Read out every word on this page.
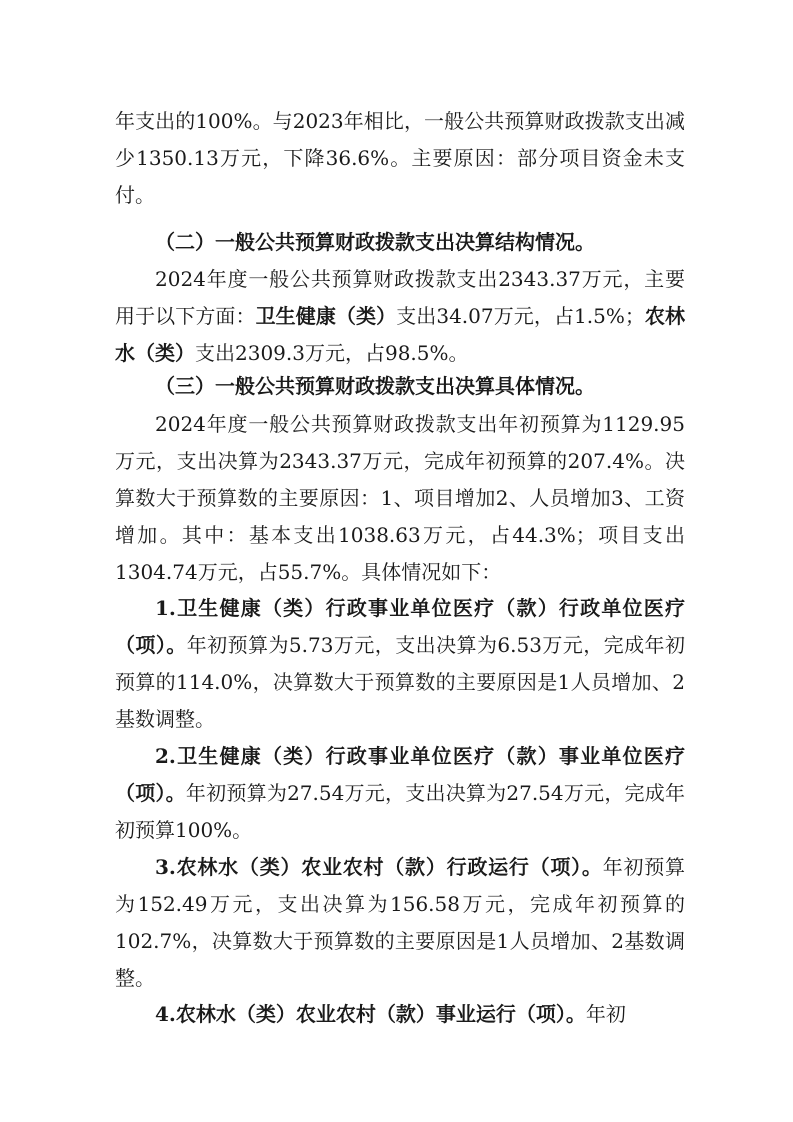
年支出的100%。与2023年相比，一般公共预算财政拨款支出减少1350.13万元，下降36.6%。主要原因：部分项目资金未支付。

（二）一般公共预算财政拨款支出决算结构情况。

2024年度一般公共预算财政拨款支出2343.37万元，主要用于以下方面：卫生健康（类）支出34.07万元，占1.5%；农林水（类）支出2309.3万元，占98.5%。

（三）一般公共预算财政拨款支出决算具体情况。

2024年度一般公共预算财政拨款支出年初预算为1129.95万元，支出决算为2343.37万元，完成年初预算的207.4%。决算数大于预算数的主要原因：1、项目增加2、人员增加3、工资增加。其中：基本支出1038.63万元，占44.3%；项目支出1304.74万元，占55.7%。具体情况如下：

1.卫生健康（类）行政事业单位医疗（款）行政单位医疗（项）。年初预算为5.73万元，支出决算为6.53万元，完成年初预算的114.0%，决算数大于预算数的主要原因是1人员增加、2基数调整。

2.卫生健康（类）行政事业单位医疗（款）事业单位医疗（项）。年初预算为27.54万元，支出决算为27.54万元，完成年初预算100%。

3.农林水（类）农业农村（款）行政运行（项）。年初预算为152.49万元，支出决算为156.58万元，完成年初预算的102.7%，决算数大于预算数的主要原因是1人员增加、2基数调整。

4.农林水（类）农业农村（款）事业运行（项）。年初
